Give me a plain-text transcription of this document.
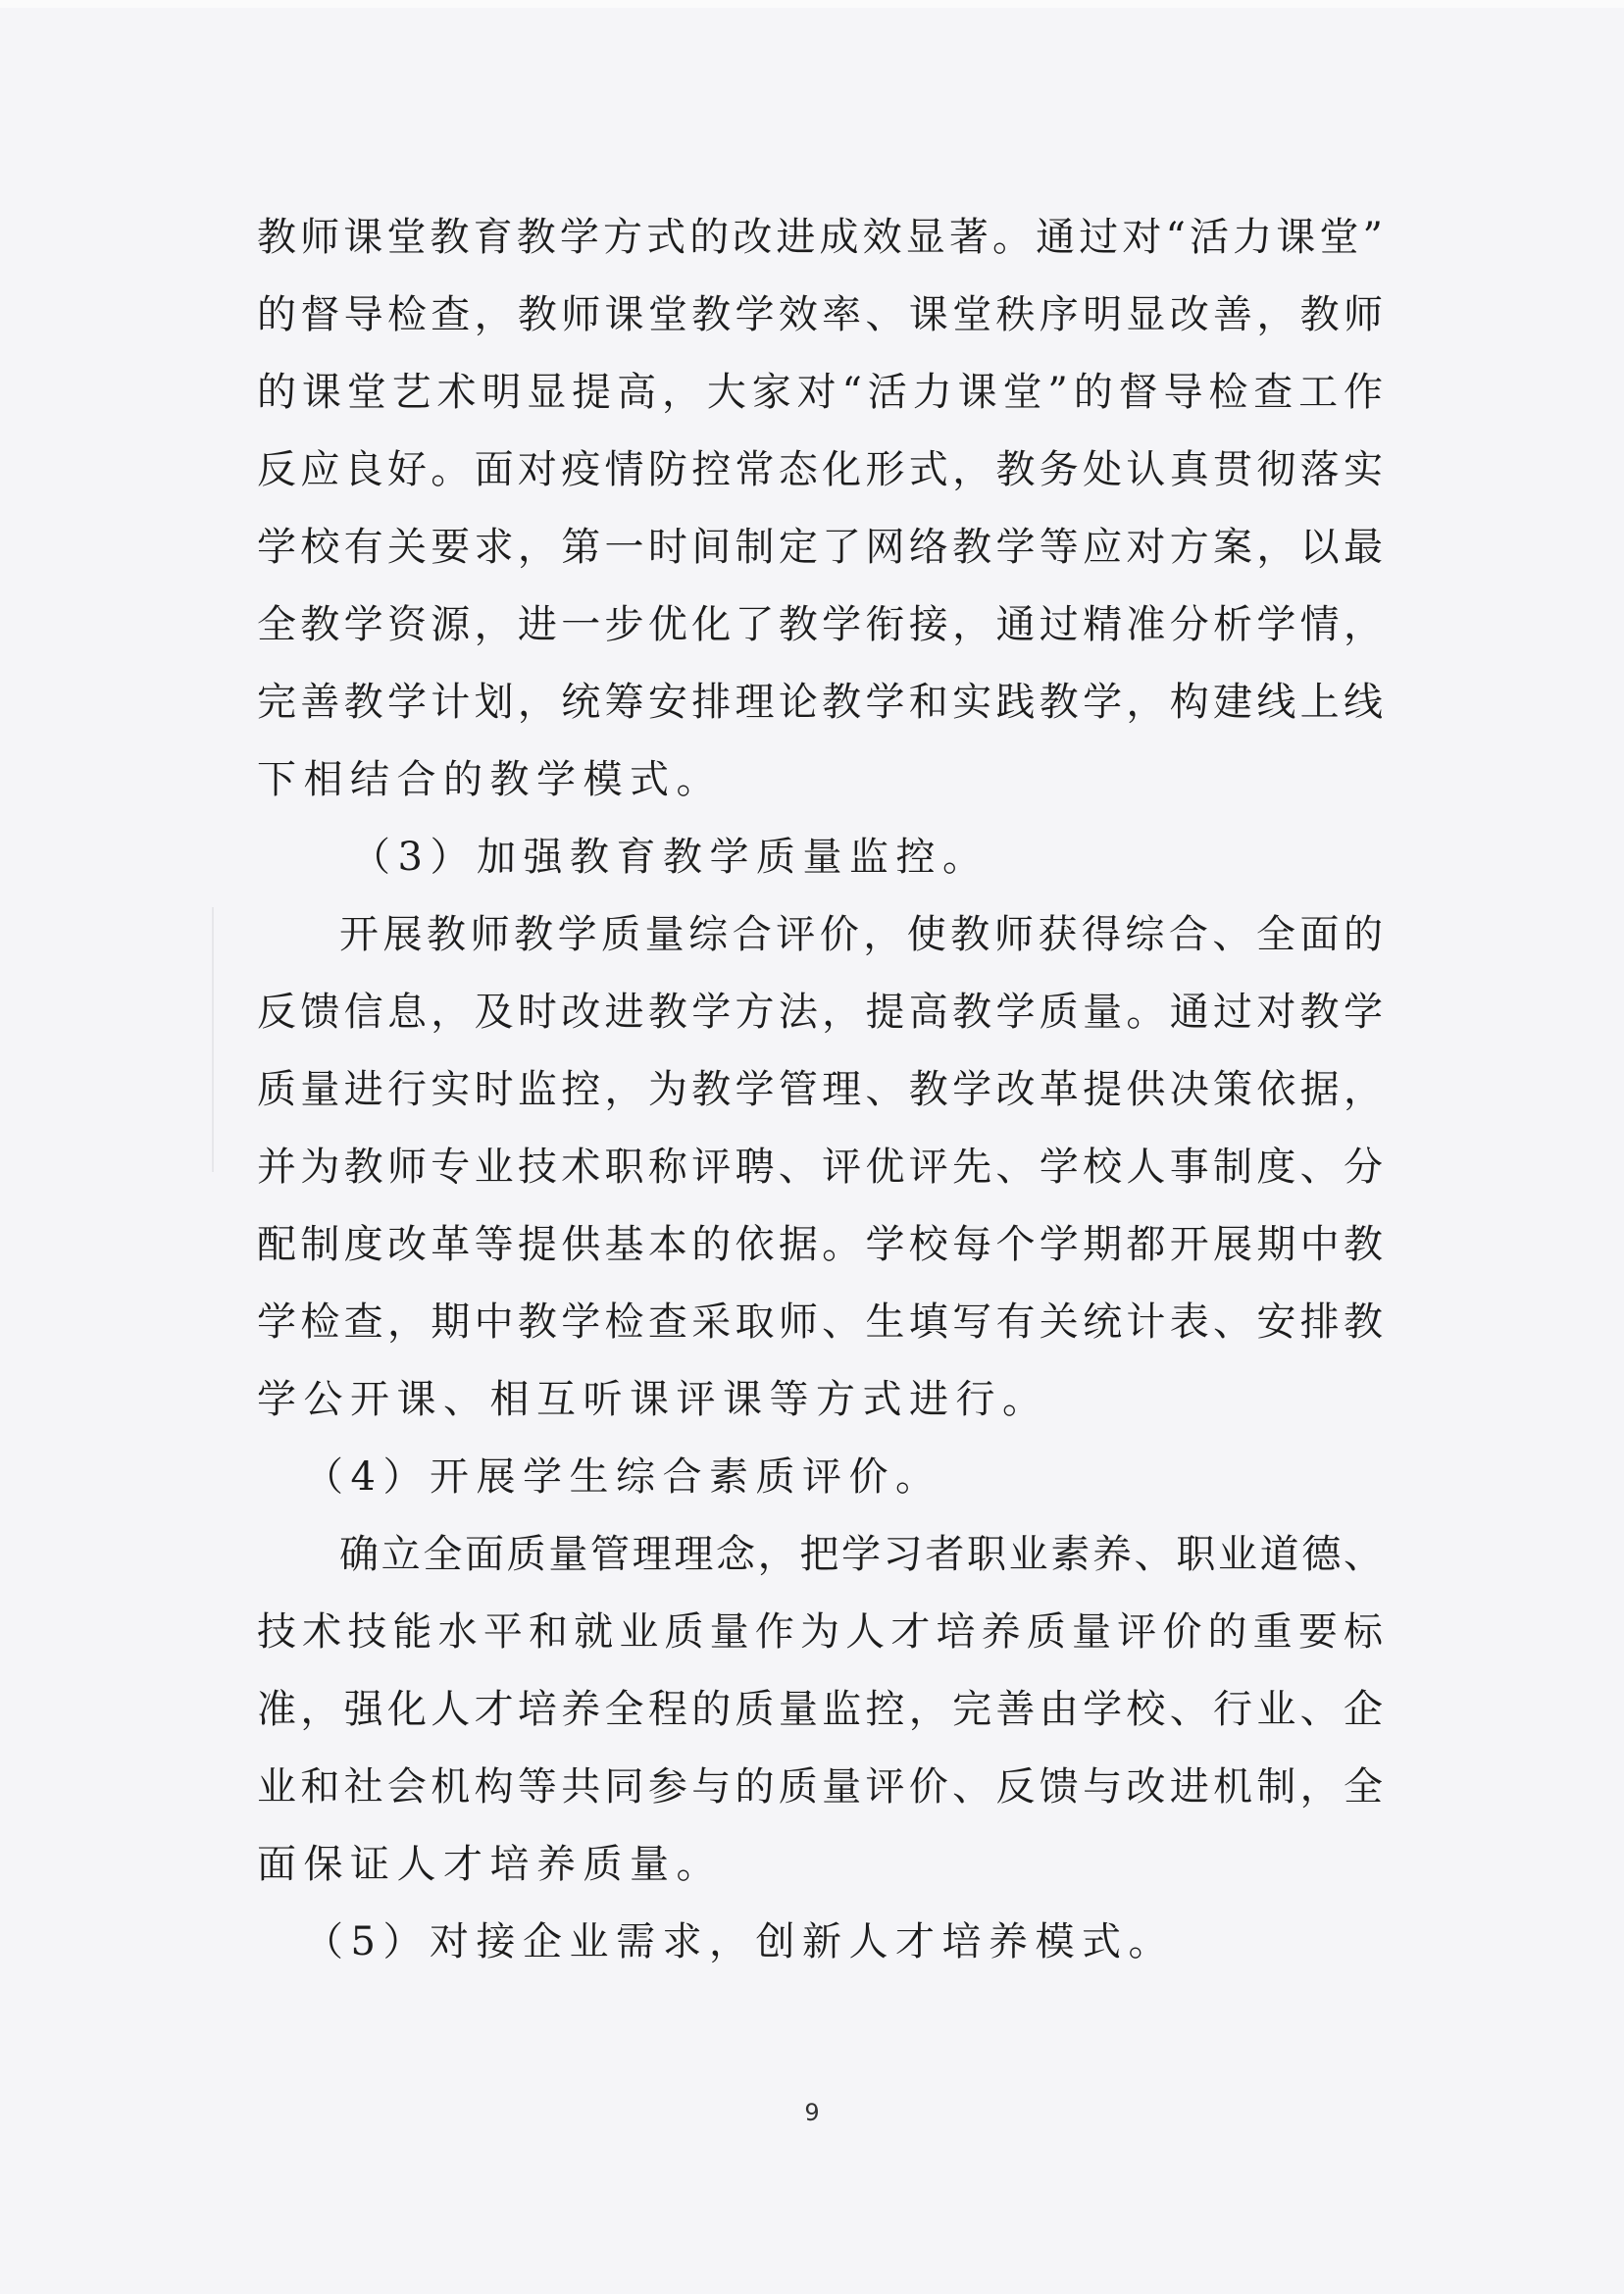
教师课堂教育教学方式的改进成效显著。通过对“活力课堂”
的督导检查，教师课堂教学效率、课堂秩序明显改善，教师
的课堂艺术明显提高，大家对“活力课堂”的督导检查工作
反应良好。面对疫情防控常态化形式，教务处认真贯彻落实
学校有关要求，第一时间制定了网络教学等应对方案，以最
全教学资源，进一步优化了教学衔接，通过精准分析学情，
完善教学计划，统筹安排理论教学和实践教学，构建线上线
下相结合的教学模式。
（3）加强教育教学质量监控。
开展教师教学质量综合评价，使教师获得综合、全面的
反馈信息，及时改进教学方法，提高教学质量。通过对教学
质量进行实时监控，为教学管理、教学改革提供决策依据，
并为教师专业技术职称评聘、评优评先、学校人事制度、分
配制度改革等提供基本的依据。学校每个学期都开展期中教
学检查，期中教学检查采取师、生填写有关统计表、安排教
学公开课、相互听课评课等方式进行。
（4）开展学生综合素质评价。
确立全面质量管理理念，把学习者职业素养、职业道德、
技术技能水平和就业质量作为人才培养质量评价的重要标
准，强化人才培养全程的质量监控，完善由学校、行业、企
业和社会机构等共同参与的质量评价、反馈与改进机制，全
面保证人才培养质量。
（5）对接企业需求，创新人才培养模式。
9
